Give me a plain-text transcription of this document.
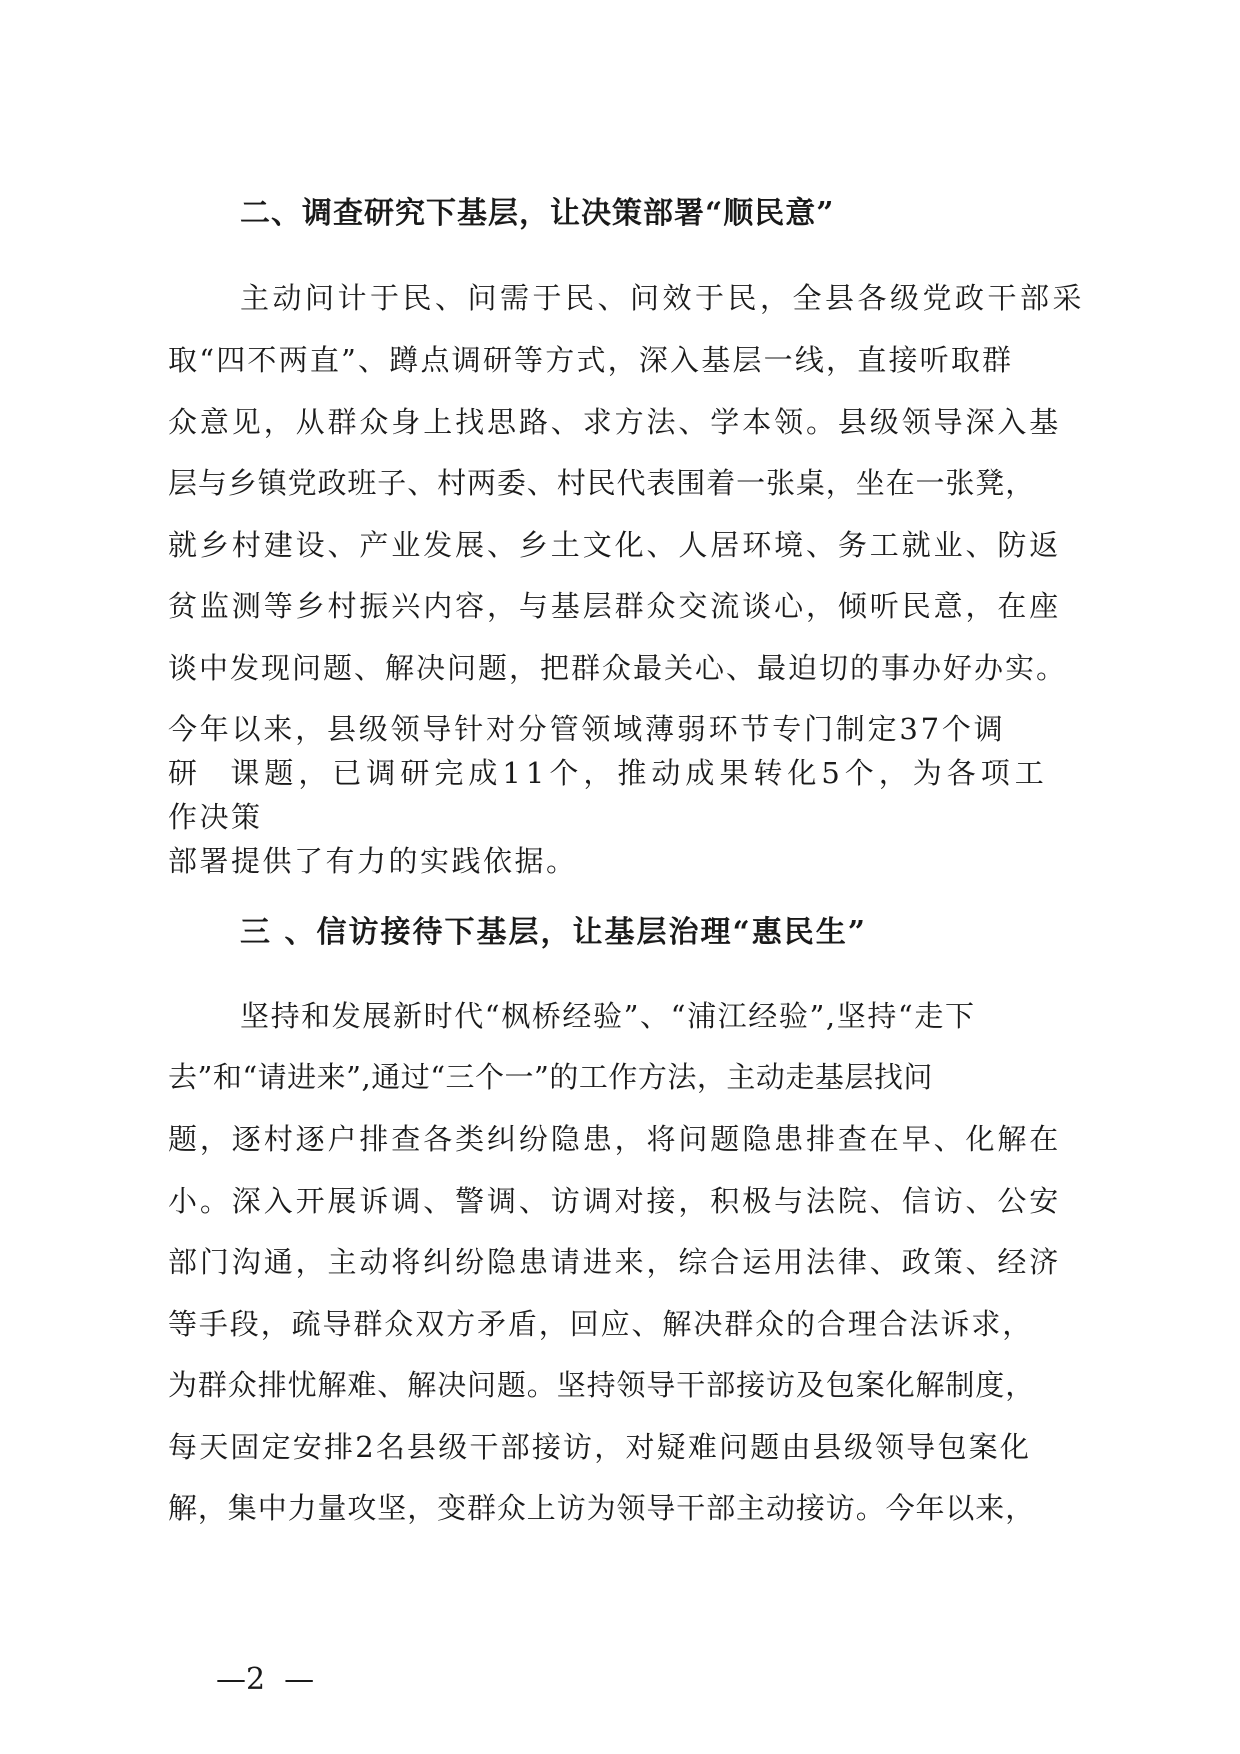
二、调查研究下基层，让决策部署“顺民意”
主动问计于民、问需于民、问效于民，全县各级党政干部采
取“四不两直”、蹲点调研等方式，深入基层一线，直接听取群
众意见，从群众身上找思路、求方法、学本领。县级领导深入基
层与乡镇党政班子、村两委、村民代表围着一张桌，坐在一张凳，
就乡村建设、产业发展、乡土文化、人居环境、务工就业、防返
贫监测等乡村振兴内容，与基层群众交流谈心，倾听民意，在座
谈中发现问题、解决问题，把群众最关心、最迫切的事办好办实。
今年以来，县级领导针对分管领域薄弱环节专门制定37个调
研  课题，已调研完成11个，推动成果转化5个，为各项工
作决策
部署提供了有力的实践依据。
三 、信访接待下基层，让基层治理“惠民生”
坚持和发展新时代“枫桥经验”、“浦江经验”,坚持“走下
去”和“请进来”,通过“三个一”的工作方法，主动走基层找问
题，逐村逐户排查各类纠纷隐患，将问题隐患排查在早、化解在
小。深入开展诉调、警调、访调对接，积极与法院、信访、公安
部门沟通，主动将纠纷隐患请进来，综合运用法律、政策、经济
等手段，疏导群众双方矛盾，回应、解决群众的合理合法诉求，
为群众排忧解难、解决问题。坚持领导干部接访及包案化解制度，
每天固定安排2名县级干部接访，对疑难问题由县级领导包案化
解，集中力量攻坚，变群众上访为领导干部主动接访。今年以来，
—2  —
